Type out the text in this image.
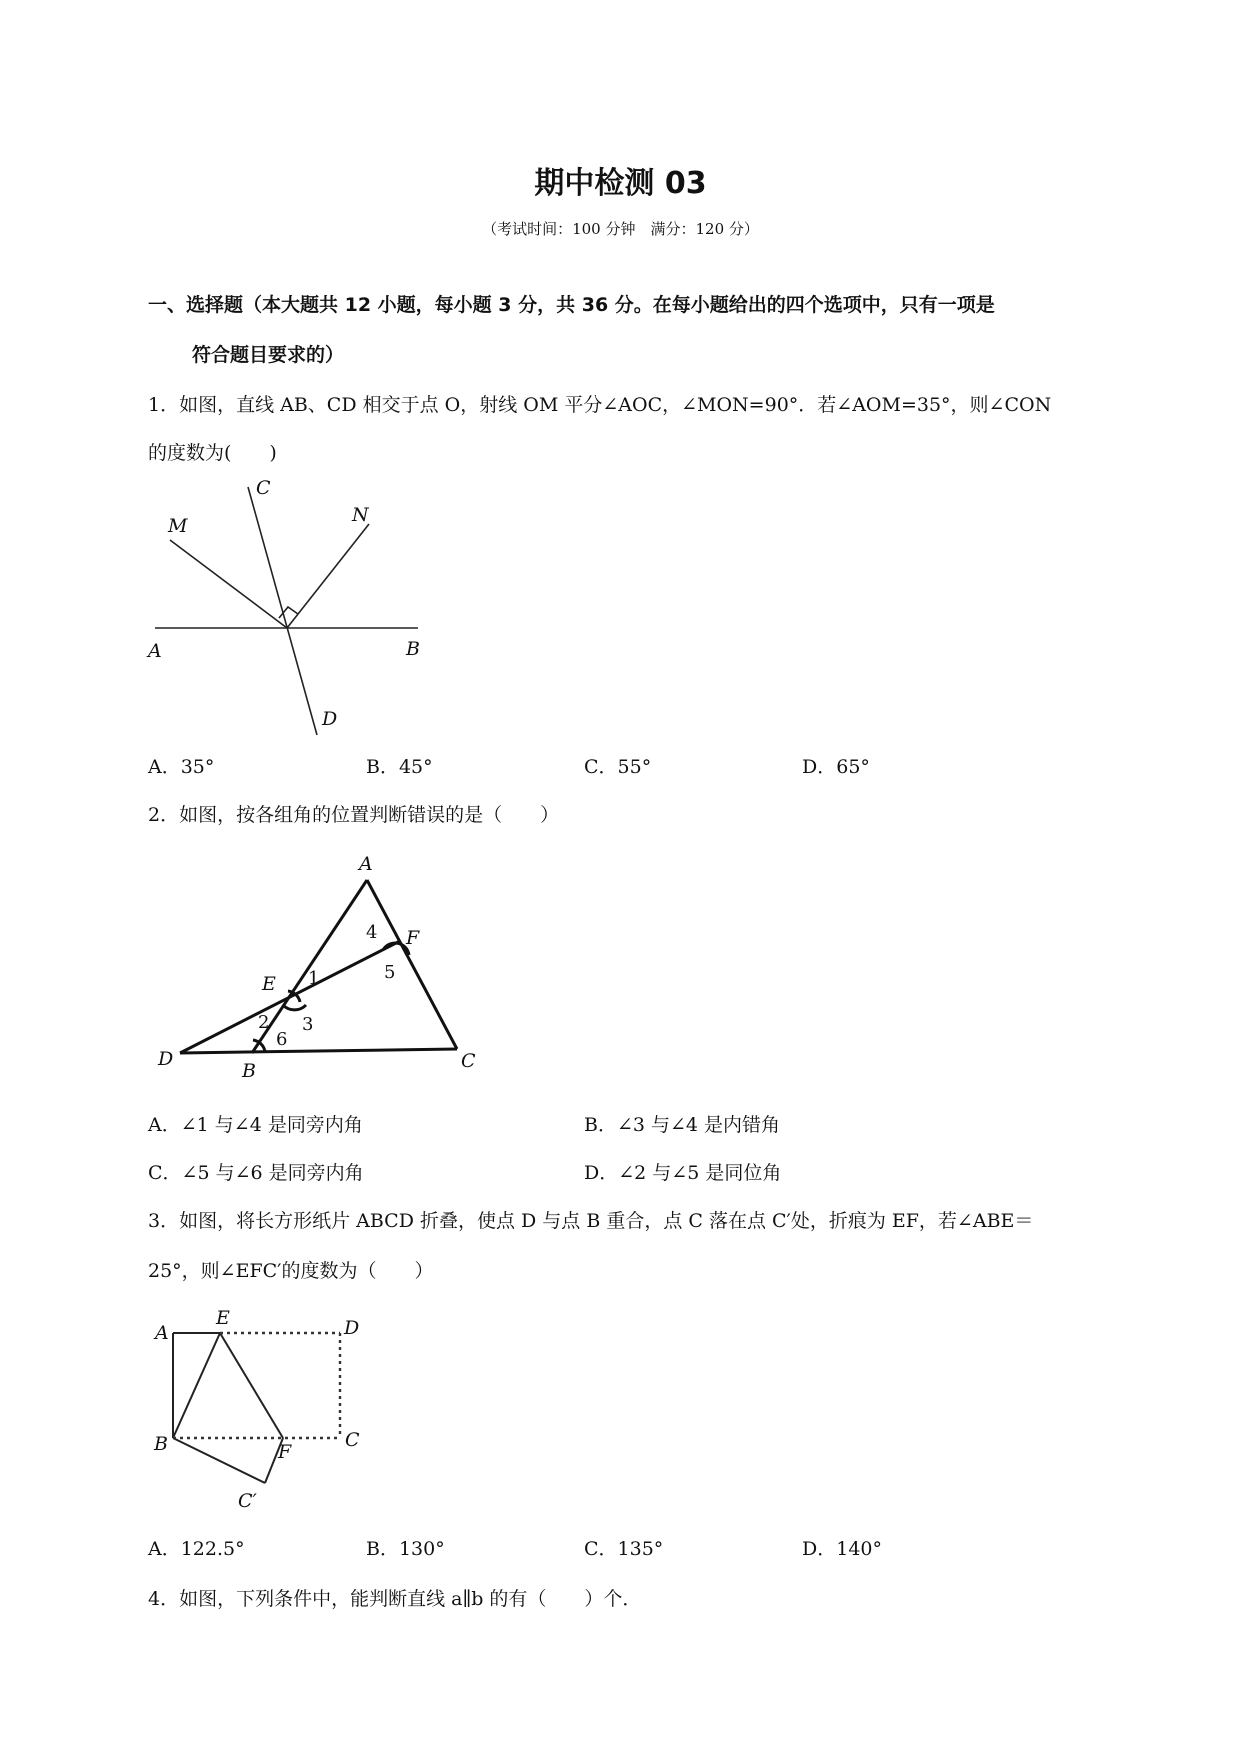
期中检测 03
（考试时间：100 分钟　满分：120 分）
一、选择题（本大题共 12 小题，每小题 3 分，共 36 分。在每小题给出的四个选项中，只有一项是
符合题目要求的）
1．如图，直线 AB、CD 相交于点 O，射线 OM 平分∠AOC，∠MON=90°．若∠AOM=35°，则∠CON
的度数为(　　)
C
M	N
A	B
D
A．35°	B．45°	C．55°	D．65°
2．如图，按各组角的位置判断错误的是（　　）
A
F
E
D
B	C
1
2 3
4
5
6
A．∠1 与∠4 是同旁内角	B．∠3 与∠4 是内错角
C．∠5 与∠6 是同旁内角	D．∠2 与∠5 是同位角
3．如图，将长方形纸片 ABCD 折叠，使点 D 与点 B 重合，点 C 落在点 C′处，折痕为 EF，若∠ABE＝
25°，则∠EFC′的度数为（　　）
A
E	D
B	F
C
C′
A．122.5°	B．130°	C．135°	D．140°
4．如图，下列条件中，能判断直线 a∥b 的有（　　）个．
